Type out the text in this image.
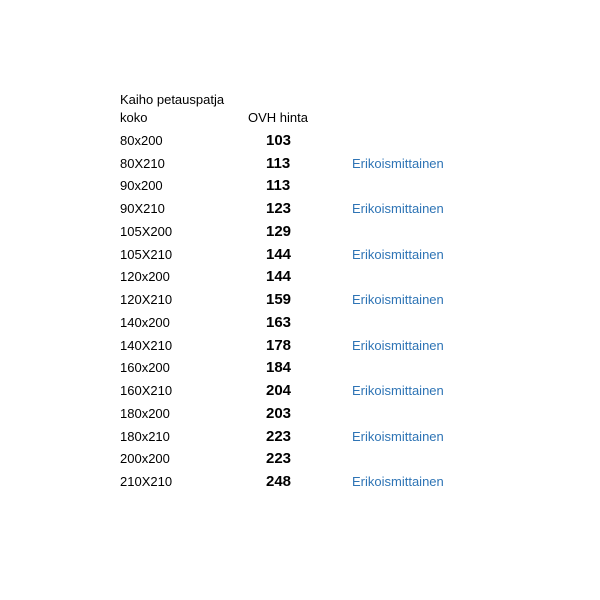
Kaiho petauspatja
koko	OVH hinta
80x200	103
80X210	113	Erikoismittainen
90x200	113
90X210	123	Erikoismittainen
105X200	129
105X210	144	Erikoismittainen
120x200	144
120X210	159	Erikoismittainen
140x200	163
140X210	178	Erikoismittainen
160x200	184
160X210	204	Erikoismittainen
180x200	203
180x210	223	Erikoismittainen
200x200	223
210X210	248	Erikoismittainen
